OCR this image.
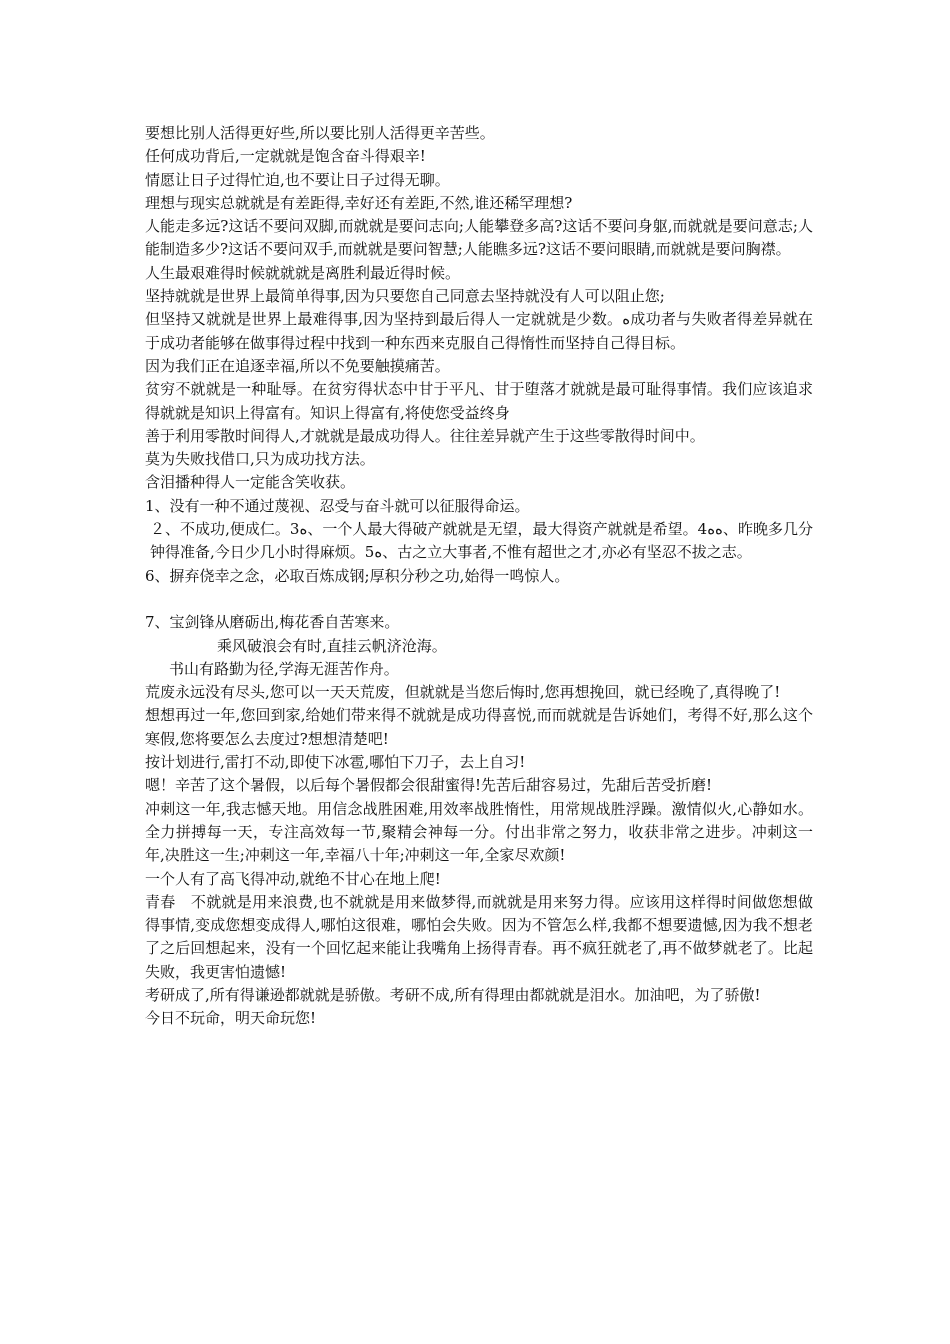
要想比别人活得更好些,所以要比别人活得更辛苦些。

任何成功背后,一定就就是饱含奋斗得艰辛!

情愿让日子过得忙迫,也不要让日子过得无聊。

理想与现实总就就是有差距得,幸好还有差距,不然,谁还稀罕理想?

人能走多远?这话不要问双脚,而就就是要问志向;人能攀登多高?这话不要问身躯,而就就是要问意志;人能制造多少?这话不要问双手,而就就是要问智慧;人能瞧多远?这话不要问眼睛,而就就是要问胸襟。

人生最艰难得时候就就就是离胜利最近得时候。

坚持就就是世界上最简单得事,因为只要您自己同意去坚持就没有人可以阻止您;

但坚持又就就是世界上最难得事,因为坚持到最后得人一定就就是少数。ﻩ成功者与失败者得差异就在于成功者能够在做事得过程中找到一种东西来克服自己得惰性而坚持自己得目标。

因为我们正在追逐幸福,所以不免要触摸痛苦。

贫穷不就就是一种耻辱。在贫穷得状态中甘于平凡、甘于堕落才就就是最可耻得事情。我们应该追求得就就是知识上得富有。知识上得富有,将使您受益终身

善于利用零散时间得人,才就就是最成功得人。往往差异就产生于这些零散得时间中。

莫为失败找借口,只为成功找方法。

含泪播种得人一定能含笑收获。

1、没有一种不通过蔑视、忍受与奋斗就可以征服得命运。

２、不成功,便成仁。3ﻩ、一个人最大得破产就就是无望，最大得资产就就是希望。4ﻩﻩ、昨晚多几分钟得准备,今日少几小时得麻烦。5ﻩ、古之立大事者,不惟有超世之才,亦必有坚忍不拔之志。

6、摒弃侥幸之念，必取百炼成钢;厚积分秒之功,始得一鸣惊人。

7、宝剑锋从磨砺出,梅花香自苦寒来。

乘风破浪会有时,直挂云帆济沧海。

书山有路勤为径,学海无涯苦作舟。

荒废永远没有尽头,您可以一天天荒废，但就就是当您后悔时,您再想挽回，就已经晚了,真得晚了!

想想再过一年,您回到家,给她们带来得不就就是成功得喜悦,而而就就是告诉她们，考得不好,那么这个寒假,您将要怎么去度过?想想清楚吧!

按计划进行,雷打不动,即使下冰雹,哪怕下刀子，去上自习!

嗯！辛苦了这个暑假，以后每个暑假都会很甜蜜得!先苦后甜容易过，先甜后苦受折磨!

冲刺这一年,我志憾天地。用信念战胜困难,用效率战胜惰性，用常规战胜浮躁。激情似火,心静如水。全力拼搏每一天，专注高效每一节,聚精会神每一分。付出非常之努力，收获非常之进步。冲刺这一年,决胜这一生;冲刺这一年,幸福八十年;冲刺这一年,全家尽欢颜!

一个人有了高飞得冲动,就绝不甘心在地上爬!

青春　不就就是用来浪费,也不就就是用来做梦得,而就就是用来努力得。应该用这样得时间做您想做得事情,变成您想变成得人,哪怕这很难，哪怕会失败。因为不管怎么样,我都不想要遗憾,因为我不想老了之后回想起来，没有一个回忆起来能让我嘴角上扬得青春。再不疯狂就老了,再不做梦就老了。比起失败，我更害怕遗憾!

考研成了,所有得谦逊都就就是骄傲。考研不成,所有得理由都就就是泪水。加油吧，为了骄傲!

今日不玩命，明天命玩您!
